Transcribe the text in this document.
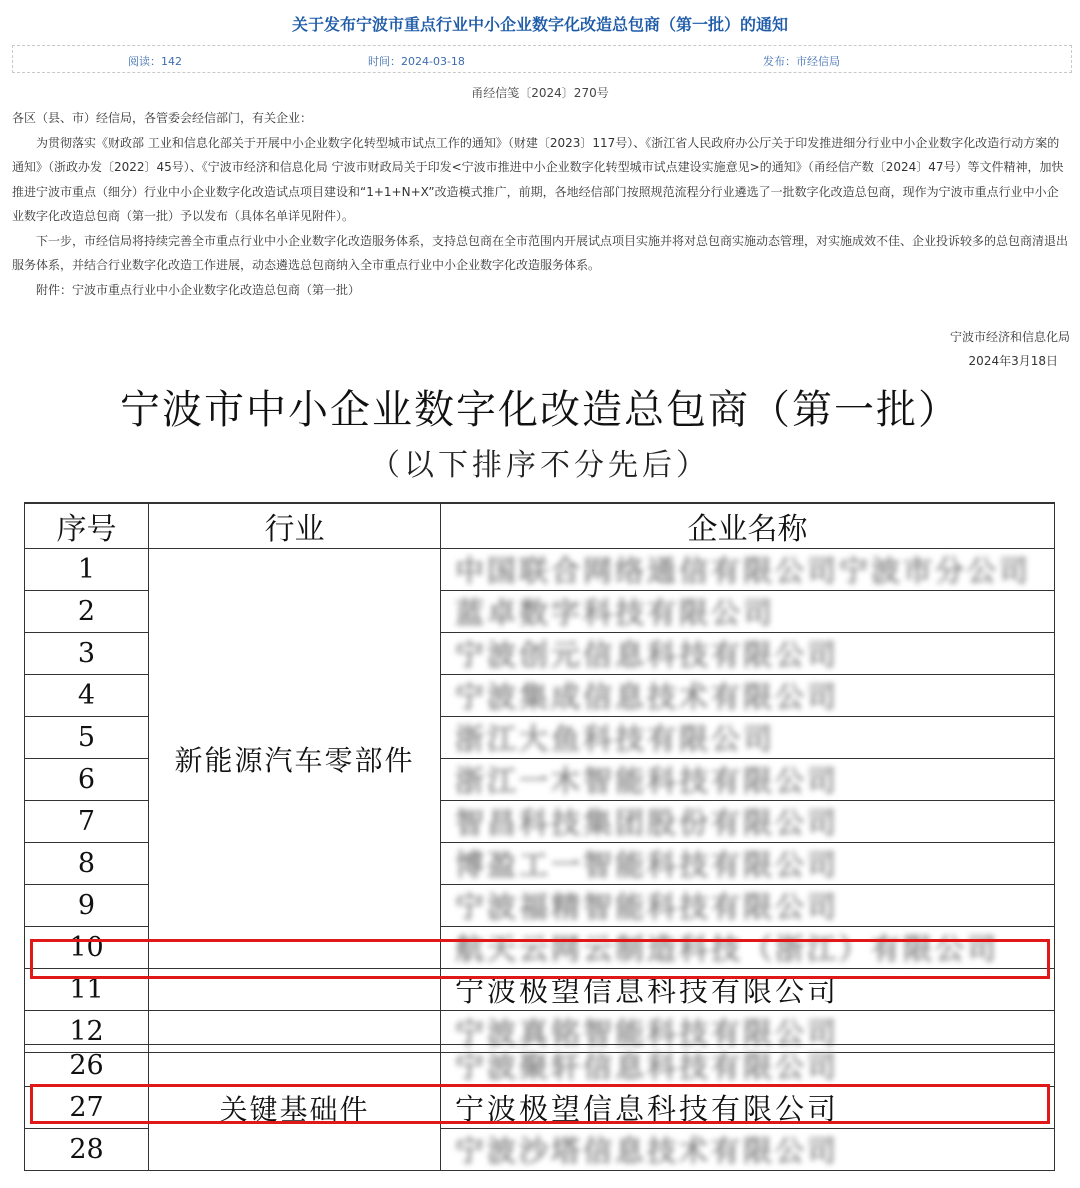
关于发布宁波市重点行业中小企业数字化改造总包商（第一批）的通知
阅读：142	时间：2024-03-18	发布：市经信局
甬经信笺〔2024〕270号

各区（县、市）经信局，各管委会经信部门，有关企业：

为贯彻落实《财政部 工业和信息化部关于开展中小企业数字化转型城市试点工作的通知》（财建〔2023〕117号）、《浙江省人民政府办公厅关于印发推进细分行业中小企业数字化改造行动方案的通知》（浙政办发〔2022〕45号）、《宁波市经济和信息化局 宁波市财政局关于印发<宁波市推进中小企业数字化转型城市试点建设实施意见>的通知》（甬经信产数〔2024〕47号）等文件精神，加快推进宁波市重点（细分）行业中小企业数字化改造试点项目建设和“1+1+N+X”改造模式推广，前期，各地经信部门按照规范流程分行业遴选了一批数字化改造总包商，现作为宁波市重点行业中小企业数字化改造总包商（第一批）予以发布（具体名单详见附件）。

下一步，市经信局将持续完善全市重点行业中小企业数字化改造服务体系，支持总包商在全市范围内开展试点项目实施并将对总包商实施动态管理，对实施成效不佳、企业投诉较多的总包商清退出服务体系，并结合行业数字化改造工作进展，动态遴选总包商纳入全市重点行业中小企业数字化改造服务体系。

附件：宁波市重点行业中小企业数字化改造总包商（第一批）

宁波市经济和信息化局
2024年3月18日
宁波市中小企业数字化改造总包商（第一批）
（以下排序不分先后）
序号	行业	企业名称
1	新能源汽车零部件	中国联合网络通信有限公司宁波市分公司
2		蓝卓数字科技有限公司
3		宁波创元信息科技有限公司
4		宁波集成信息技术有限公司
5		浙江大鱼科技有限公司
6		浙江一木智能科技有限公司
7		智昌科技集团股份有限公司
8		博盈工一智能科技有限公司
9		宁波福精智能科技有限公司
10		航天云网云制造科技（浙江）有限公司
11		宁波极望信息科技有限公司
12		宁波真铭智能科技有限公司
26	关键基础件	宁波聚轩信息科技有限公司
27		宁波极望信息科技有限公司
28		宁波沙塔信息技术有限公司
